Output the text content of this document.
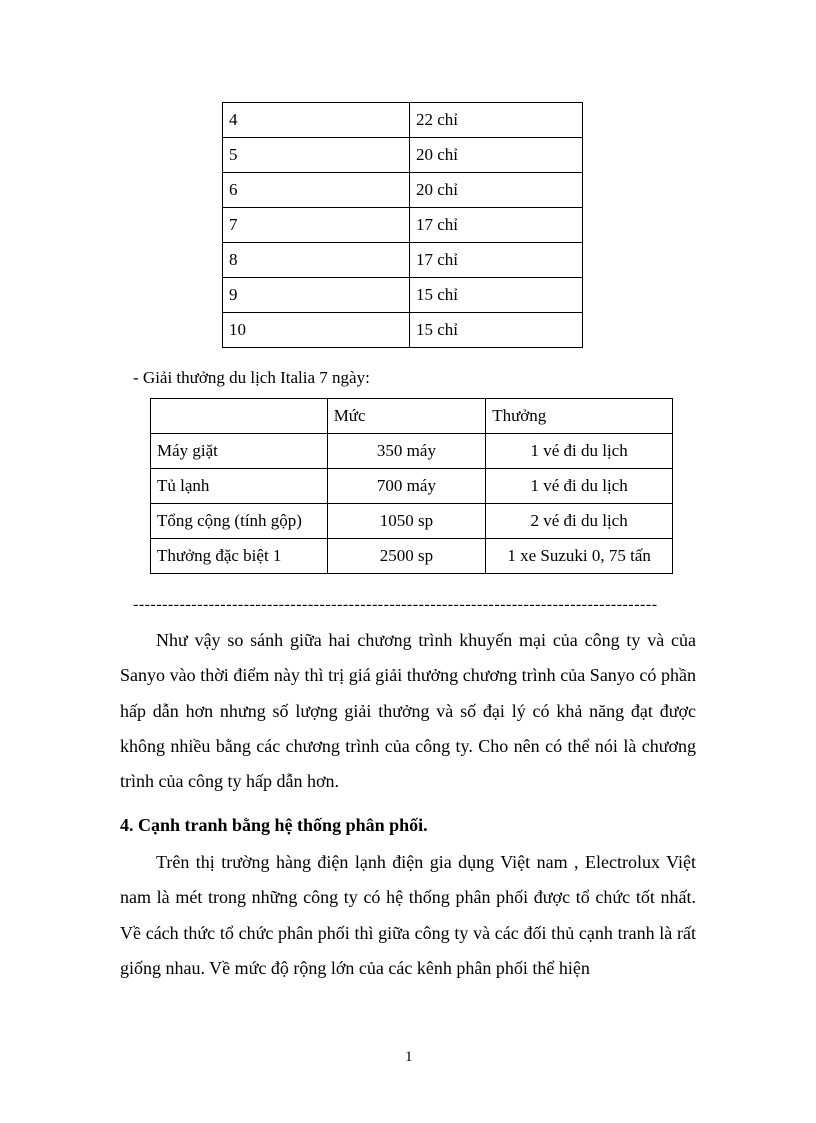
4	22 chỉ
5	20 chỉ
6	20 chỉ
7	17 chỉ
8	17 chỉ
9	15 chỉ
10	15 chỉ
- Giải thưởng du lịch Italia 7 ngày:
	Mức	Thưởng
Máy giặt	350 máy	1 vé đi du lịch
Tủ lạnh	700 máy	1 vé đi du lịch
Tổng cộng (tính gộp)	1050 sp	2 vé đi du lịch
Thưởng đặc biệt 1	2500 sp	1 xe Suzuki 0, 75 tấn
------------------------------------------------------------------------------------------
Như vậy so sánh giữa hai chương trình khuyến mại của công ty và của Sanyo vào thời điểm này thì trị giá giải thưởng chương trình của Sanyo có phần hấp dẫn hơn nhưng số lượng giải thưởng và số đại lý có khả năng đạt được không nhiều bằng các chương trình của công ty. Cho nên có thể nói là chương trình của công ty hấp dẫn hơn.
4. Cạnh tranh bằng hệ thống phân phối.
Trên thị trường hàng điện lạnh điện gia dụng Việt nam , Electrolux Việt nam là mét trong những công ty có hệ thống phân phối được tổ chức tốt nhất. Về cách thức tổ chức phân phối thì giữa công ty và các đối thủ cạnh tranh là rất giống nhau. Về mức độ rộng lớn của các kênh phân phối thể hiện
1
